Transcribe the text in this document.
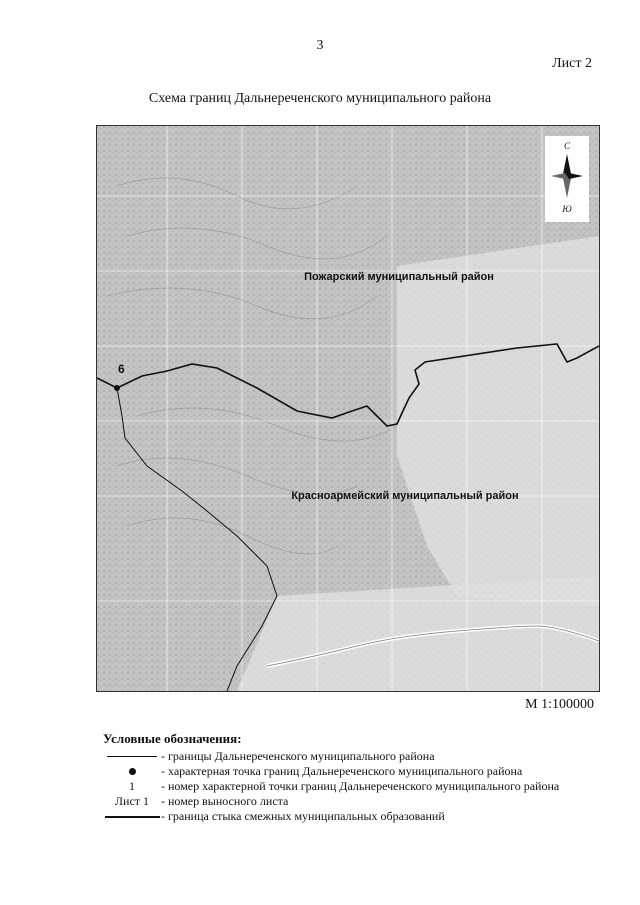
3
Лист 2
Схема границ Дальнереченского муниципального района
6
Пожарский муниципальный район
Красноармейский муниципальный район
С
Ю
М 1:100000
Условные обозначения:
- границы Дальнереченского муниципального района
- характерная точка границ Дальнереченского муниципального района
1	- номер характерной точки границ Дальнереченского муниципального района
Лист 1 - номер выносного листа
- граница стыка смежных муниципальных образований
